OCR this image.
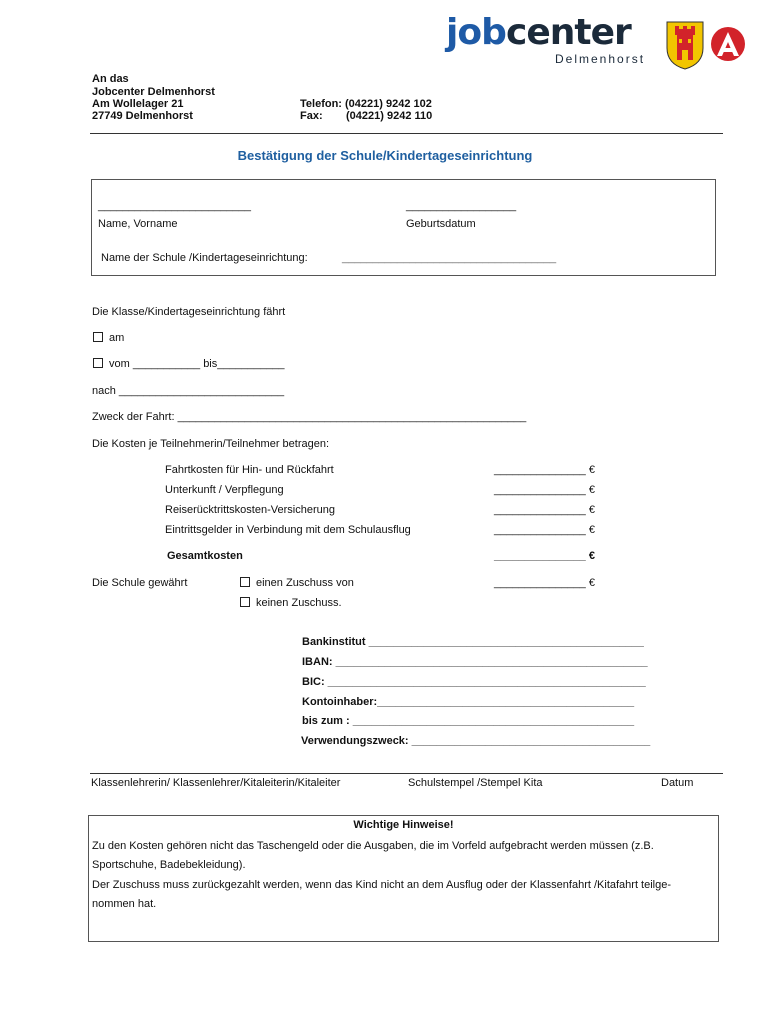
job center
Delmenhorst
An das
Jobcenter Delmenhorst
Am Wollelager 21
27749 Delmenhorst
Telefon: (04221) 9242 102
Fax: (04221) 9242 110
Bestätigung der Schule/Kindertageseinrichtung
_________________________
Name, Vorname
__________________
Geburtsdatum
Name der Schule /Kindertageseinrichtung:	___________________________________
Die Klasse/Kindertageseinrichtung fährt
am
vom ___________ bis___________
nach ___________________________
Zweck der Fahrt: _________________________________________________________
Die Kosten je Teilnehmerin/Teilnehmer betragen:
Fahrtkosten für Hin- und Rückfahrt	_______________ €
Unterkunft / Verpflegung	_______________ €
Reiserücktrittskosten-Versicherung	_______________ €
Eintrittsgelder in Verbindung mit dem Schulausflug	_______________ €
Gesamtkosten	_______________ €
Die Schule gewährt	einen Zuschuss von	_______________ €
keinen Zuschuss.
Bankinstitut _____________________________________________
IBAN: ___________________________________________________
BIC: ____________________________________________________
Kontoinhaber:__________________________________________
bis zum : ______________________________________________
Verwendungszweck: _______________________________________
Klassenlehrerin/ Klassenlehrer/Kitaleiterin/Kitaleiter	Schulstempel /Stempel Kita	Datum
Wichtige Hinweise!
Zu den Kosten gehören nicht das Taschengeld oder die Ausgaben, die im Vorfeld aufgebracht werden müssen (z.B.
Sportschuhe, Badebekleidung).
Der Zuschuss muss zurückgezahlt werden, wenn das Kind nicht an dem Ausflug oder der Klassenfahrt /Kitafahrt teilge-
nommen hat.
